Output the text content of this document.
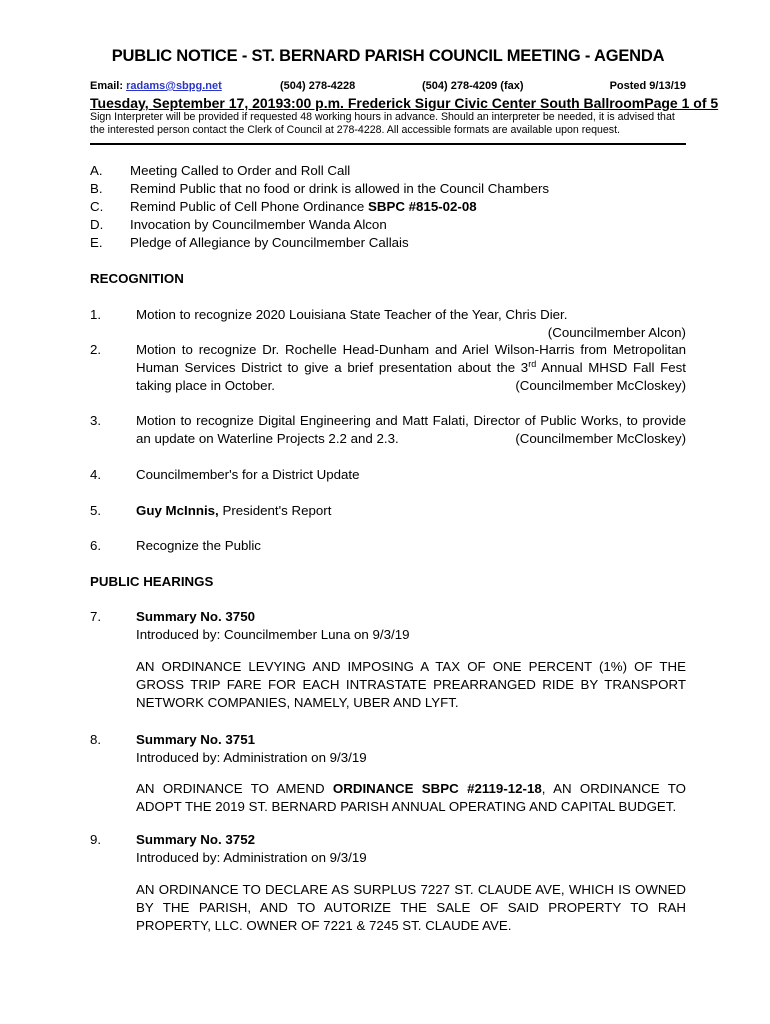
PUBLIC NOTICE - ST. BERNARD PARISH COUNCIL MEETING - AGENDA
Email: radams@sbpg.net	(504) 278-4228	(504) 278-4209 (fax)	Posted 9/13/19
Tuesday, September 17, 2019 3:00 p.m. Frederick Sigur Civic Center South Ballroom Page 1 of 5
Sign Interpreter will be provided if requested 48 working hours in advance. Should an interpreter be needed, it is advised that the interested person contact the Clerk of Council at 278-4228. All accessible formats are available upon request.
A. Meeting Called to Order and Roll Call
B. Remind Public that no food or drink is allowed in the Council Chambers
C. Remind Public of Cell Phone Ordinance SBPC #815-02-08
D. Invocation by Councilmember Wanda Alcon
E. Pledge of Allegiance by Councilmember Callais
RECOGNITION
1.	Motion to recognize 2020 Louisiana State Teacher of the Year, Chris Dier.
(Councilmember Alcon)
2.	Motion to recognize Dr. Rochelle Head-Dunham and Ariel Wilson-Harris from Metropolitan Human Services District to give a brief presentation about the 3rd Annual MHSD Fall Fest taking place in October.	(Councilmember McCloskey)
3.	Motion to recognize Digital Engineering and Matt Falati, Director of Public Works, to provide an update on Waterline Projects 2.2 and 2.3.	(Councilmember McCloskey)
4.	Councilmember's for a District Update
5.	Guy McInnis, President's Report
6.	Recognize the Public
PUBLIC HEARINGS
7.	Summary No. 3750
Introduced by: Councilmember Luna on 9/3/19
AN ORDINANCE LEVYING AND IMPOSING A TAX OF ONE PERCENT (1%) OF THE GROSS TRIP FARE FOR EACH INTRASTATE PREARRANGED RIDE BY TRANSPORT NETWORK COMPANIES, NAMELY, UBER AND LYFT.
8.	Summary No. 3751
Introduced by: Administration on 9/3/19
AN ORDINANCE TO AMEND ORDINANCE SBPC #2119-12-18, AN ORDINANCE TO ADOPT THE 2019 ST. BERNARD PARISH ANNUAL OPERATING AND CAPITAL BUDGET.
9.	Summary No. 3752
Introduced by: Administration on 9/3/19
AN ORDINANCE TO DECLARE AS SURPLUS 7227 ST. CLAUDE AVE, WHICH IS OWNED BY THE PARISH, AND TO AUTORIZE THE SALE OF SAID PROPERTY TO RAH PROPERTY, LLC. OWNER OF 7221 & 7245 ST. CLAUDE AVE.
